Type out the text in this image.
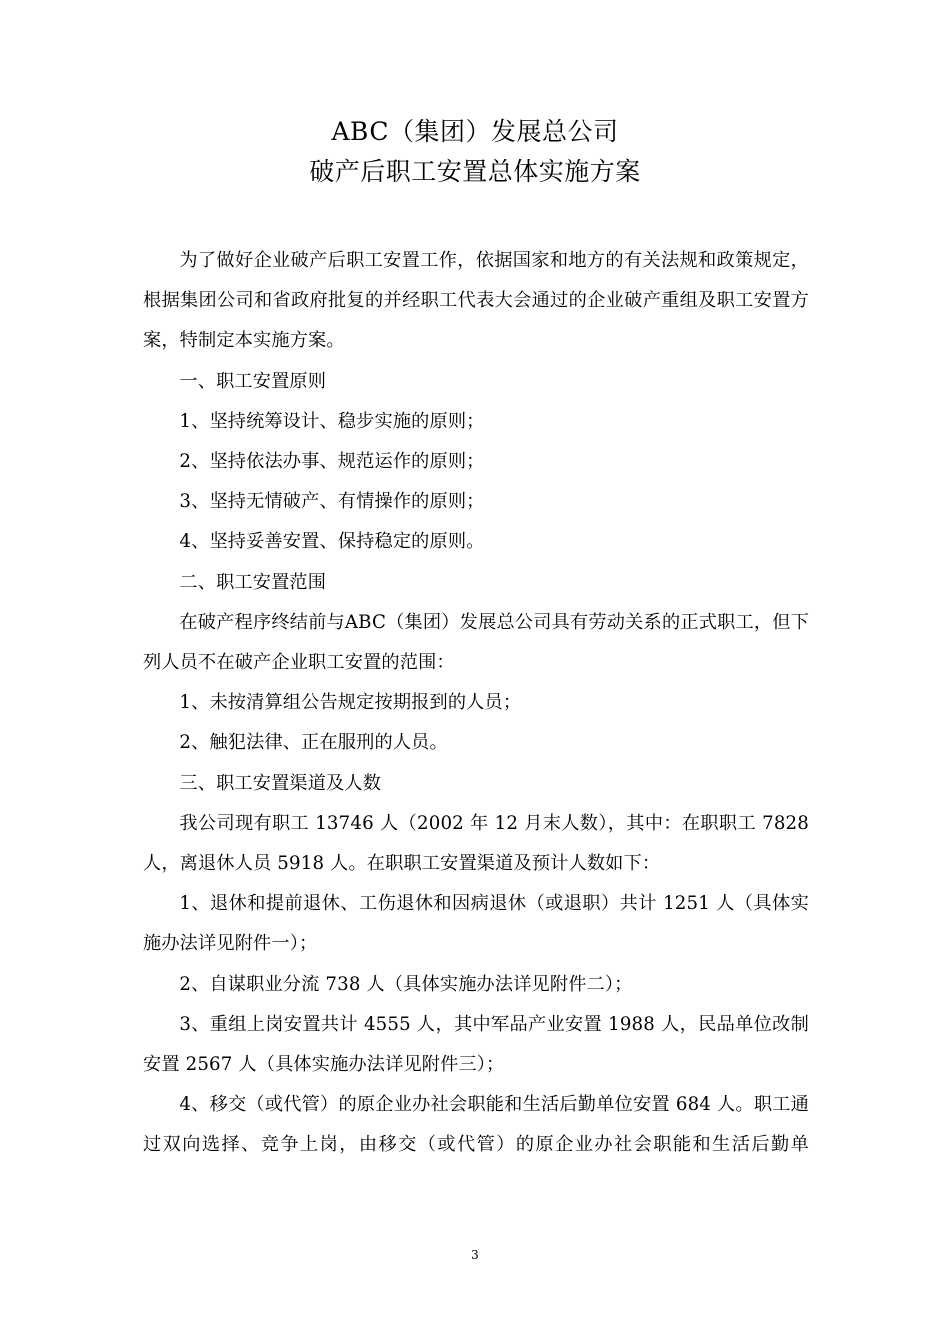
ABC（集团）发展总公司
破产后职工安置总体实施方案

为了做好企业破产后职工安置工作，依据国家和地方的有关法规和政策规定，根据集团公司和省政府批复的并经职工代表大会通过的企业破产重组及职工安置方案，特制定本实施方案。

一、职工安置原则

1、坚持统筹设计、稳步实施的原则；

2、坚持依法办事、规范运作的原则；

3、坚持无情破产、有情操作的原则；

4、坚持妥善安置、保持稳定的原则。

二、职工安置范围

在破产程序终结前与ABC（集团）发展总公司具有劳动关系的正式职工，但下列人员不在破产企业职工安置的范围：

1、未按清算组公告规定按期报到的人员；

2、触犯法律、正在服刑的人员。

三、职工安置渠道及人数

我公司现有职工 13746 人（2002 年 12 月末人数），其中：在职职工 7828 人，离退休人员 5918 人。在职职工安置渠道及预计人数如下：

1、退休和提前退休、工伤退休和因病退休（或退职）共计 1251 人（具体实施办法详见附件一）；

2、自谋职业分流 738 人（具体实施办法详见附件二）；

3、重组上岗安置共计 4555 人，其中军品产业安置 1988 人，民品单位改制安置 2567 人（具体实施办法详见附件三）；

4、移交（或代管）的原企业办社会职能和生活后勤单位安置 684 人。职工通过双向选择、竞争上岗，由移交（或代管）的原企业办社会职能和生活后勤单

3
